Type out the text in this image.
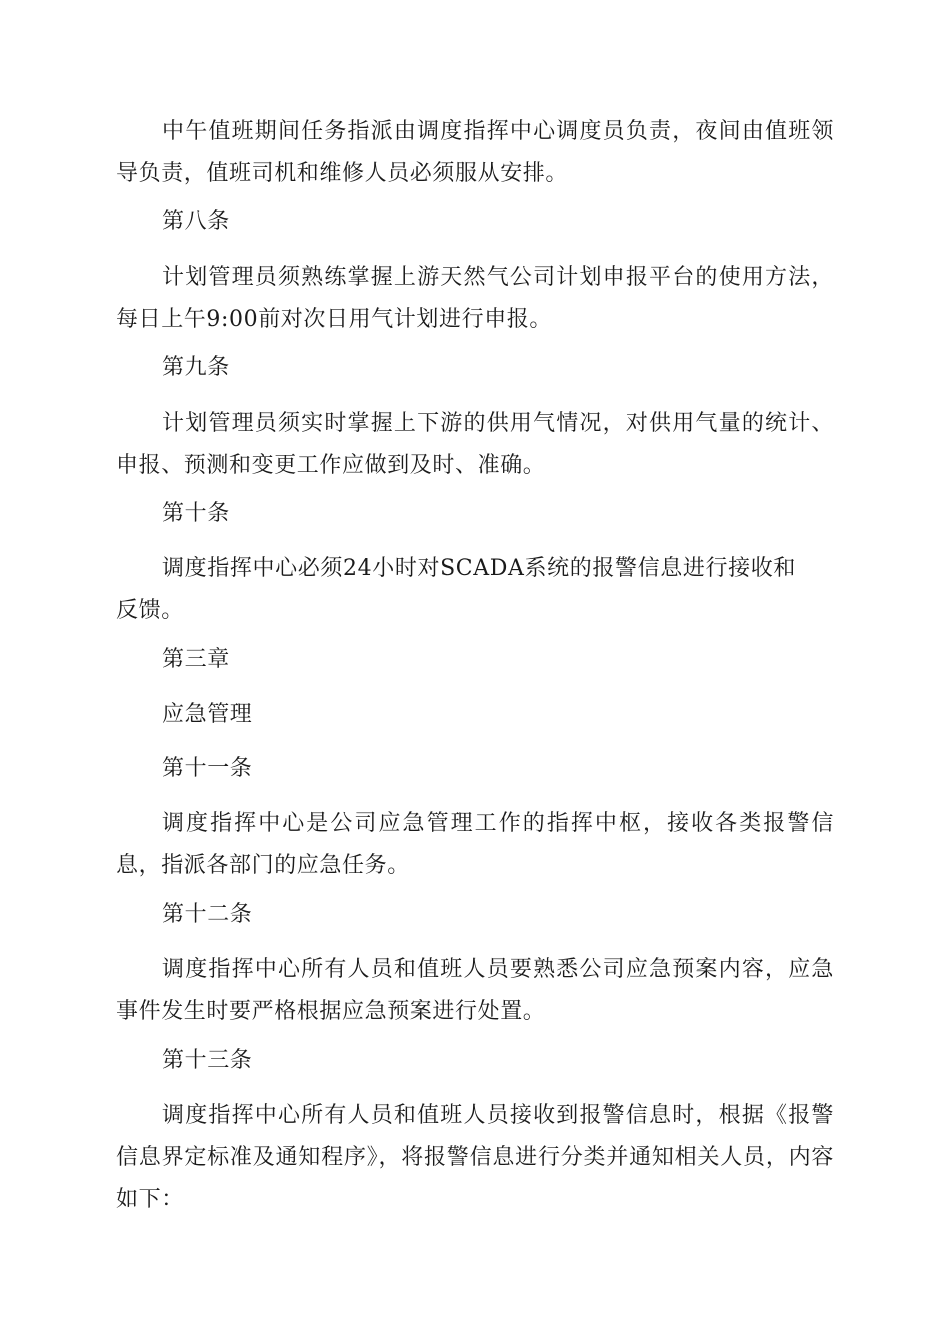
中午值班期间任务指派由调度指挥中心调度员负责，夜间由值班领导负责，值班司机和维修人员必须服从安排。

第八条

计划管理员须熟练掌握上游天然气公司计划申报平台的使用方法，每日上午9:00前对次日用气计划进行申报。

第九条

计划管理员须实时掌握上下游的供用气情况，对供用气量的统计、申报、预测和变更工作应做到及时、准确。

第十条

调度指挥中心必须24小时对SCADA系统的报警信息进行接收和反馈。

第三章

应急管理

第十一条

调度指挥中心是公司应急管理工作的指挥中枢，接收各类报警信息，指派各部门的应急任务。

第十二条

调度指挥中心所有人员和值班人员要熟悉公司应急预案内容，应急事件发生时要严格根据应急预案进行处置。

第十三条

调度指挥中心所有人员和值班人员接收到报警信息时，根据《报警信息界定标准及通知程序》，将报警信息进行分类并通知相关人员，内容如下：
